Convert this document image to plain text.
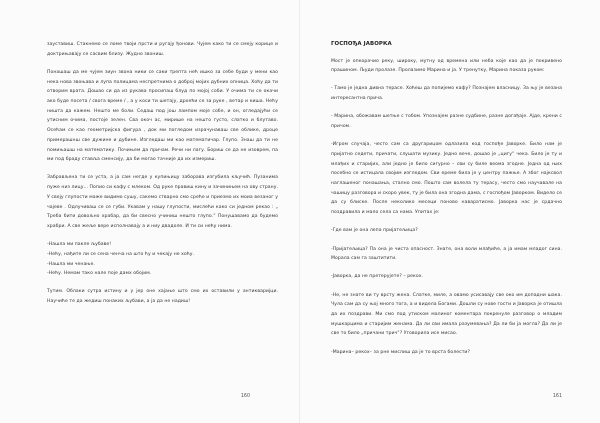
зауставиш. Стакнемо се ломе твоји прсти и ругају ђонови. Чујем како ти се смеју корице и доктрињавају се сасвим близу. Жудно звониш.

Понашаш да ме чујем зиун звона ники се саки трепта нећ ишко за себе буди у мени као нека нова звоњава и лупа полицама неспретнима о доброј мојих дубних опница. Хоћу да ти отворим врата. Дошао си да из рукава просипаш блуд по мојој соби. У очима ти се окачи ако буде посета / свога време / , а у коси ти шетају, дрхећи се за руке , ветар и киша. Нећу ништа да кажем. Нешто ме боли. Седаш под још лампом моје собе, и он, огледајући се утисним очима, постоје зелен. Сва окоч ас, мирише на нешто густо, слатко и блутаво. Осећам се као геометријска фигура , док ми погледом израчунаваш све облике, дроце примерашнш све дужине и дубине. Изгледаш ми као математичар. Глупо. Знаш да ти не помињашш на математику. Почињем да причам. Речи ни лагу. Бориш се да не изоврем, па ми под браду ставља сменсију, да би могао тачније да их измериш.

Забрављена ти се уста, а ја сам негде у купињицу заборава изгубила кључић. Пузанима пуже низ лицу... Попио си кафу с млеком. Од руке правиш кину и зачинињем на ову страну. У свеју глупости маже видимо сушу, сакемо стварно смо среће и приезмо их моиа везаног у чајеве . Одлучиваш се се губи. Укавам у нашу глупости, мислећи како си једном рекао : „ Треба бити довољно храбар, да би свесно учиниш нешто глупо.“ Понушавамо да будемо храбри. А све жеље вере исполнавају а и ниу двадоле. И ти си нећу нима.

-Нашла ми пакле љубаве!

-Нећу, нађите ли се сена ченча на што ћу и чекају не хоћу.

-Нашла ми ченање.

-Нећу. Немам тако нале поје дамх обојим.

Тутим. Облаки сутра истину и у јер оне хајање што смо их оставили у антикваријци. Научиће те да жедиш понаких љубави, а ја да не надиш!

160
ГОСПОЂА ЈАВОРКА

Мост је опкорачио реку, широку, мутну од времена или неба које као да је покривено прашином. Људи пролазе. Пролазимо Марина и ја. У тренутку, Марина показа руком:

- Тамо је једна дивна терасе. Хоћеш да попијемо кафу? Познајем власницу. За њу је везана интересантна прича.

- Марина, обожавам шетње с тобом. Упознајем разне судбине, разне догађаје. Ајде, крени с причом.

-Игром случаја, често сам са другарицом одлазила код госпође Јаворке. Било нам је пријатно седети, причати, слушати музику. Једно вече, дошао је „цигу“ чека. Било је ту и млађих и старијих, али једно је било сигурно – сви су биле веома згодне. Једна од њих посебно се истицала својим изгледом. Сви ереме била је у центру пажње. А због најксвол наглашеног понашања, стално смо. Пошто сам волела ту терасу, често смо научавале на чашицу разговора и скоро увек, ту је била она згодна дама, с госпођом Јаворком. Видело се да су блиске. После неколико месеци поново наваратисмо. Јаворка нас је срдачно поздравила и мало села са нама. Упитах је:

-Где вам је она лепа пријатељица?

-Пријатељица? Па она је чиста опасност. Знате, она воли млађиће, а ја имам младог сина. Морала сам га заштитити.

-Јаворка, да не претерујете? – рекох.

-Не, не знате ви ту врсту жена. Слатке, миле, а овамо усисавају све око им допадни шака. Чула сам да су њој много тога, а и видела Богами. Дошли су нове гости и Јаворка је отишла да их поздрави. Ми смо под утиском малиног коментара покренуле разговор о младим мушкарцима и старијим женама. Да ли сви имала разумевања? Да ли би ја могла? Да ли је све то било „причани трич“? Уговорила исе мисао.

-Марина– рекох– за рне мислиш да је то врста болести?

161
